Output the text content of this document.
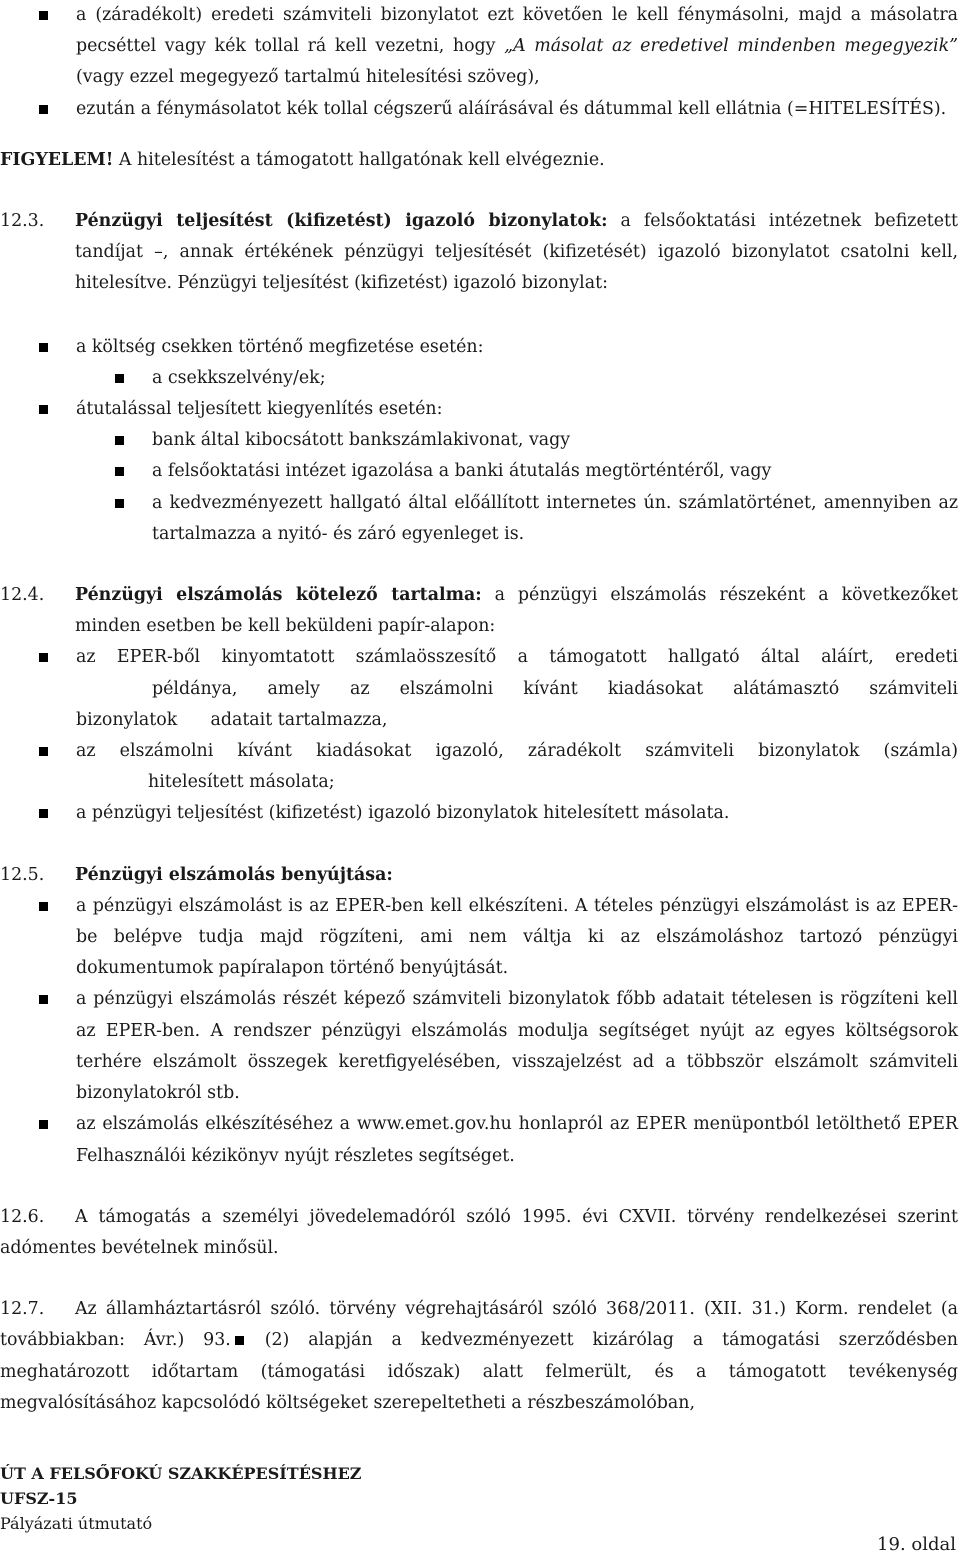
a (záradékolt) eredeti számviteli bizonylatot ezt követően le kell fénymásolni, majd a másolatra pecséttel vagy kék tollal rá kell vezetni, hogy „A másolat az eredetivel mindenben megegyezik” (vagy ezzel megegyező tartalmú hitelesítési szöveg),
ezután a fénymásolatot kék tollal cégszerű aláírásával és dátummal kell ellátnia (=HITELESÍTÉS).

FIGYELEM! A hitelesítést a támogatott hallgatónak kell elvégeznie.

12.3. Pénzügyi teljesítést (kifizetést) igazoló bizonylatok: a felsőoktatási intézetnek befizetett tandíjat –, annak értékének pénzügyi teljesítését (kifizetését) igazoló bizonylatot csatolni kell, hitelesítve. Pénzügyi teljesítést (kifizetést) igazoló bizonylat:

a költség csekken történő megfizetése esetén:
a csekkszelvény/ek;
átutalással teljesített kiegyenlítés esetén:
bank által kibocsátott bankszámlakivonat, vagy
a felsőoktatási intézet igazolása a banki átutalás megtörténtéről, vagy
a kedvezményezett hallgató által előállított internetes ún. számlatörténet, amennyiben az tartalmazza a nyitó- és záró egyenleget is.

12.4. Pénzügyi elszámolás kötelező tartalma: a pénzügyi elszámolás részeként a következőket minden esetben be kell beküldeni papír-alapon:

az EPER-ből kinyomtatott számlaösszesítő a támogatott hallgató által aláírt, eredeti
példánya, amely az elszámolni kívánt kiadásokat alátámasztó számviteli
bizonylatok      adatait tartalmazza,
az elszámolni kívánt kiadásokat igazoló, záradékolt számviteli bizonylatok (számla)
hitelesített másolata;
a pénzügyi teljesítést (kifizetést) igazoló bizonylatok hitelesített másolata.

12.5. Pénzügyi elszámolás benyújtása:

a pénzügyi elszámolást is az EPER-ben kell elkészíteni. A tételes pénzügyi elszámolást is az EPER-be belépve tudja majd rögzíteni, ami nem váltja ki az elszámoláshoz tartozó pénzügyi dokumentumok papíralapon történő benyújtását.
a pénzügyi elszámolás részét képező számviteli bizonylatok főbb adatait tételesen is rögzíteni kell az EPER-ben. A rendszer pénzügyi elszámolás modulja segítséget nyújt az egyes költségsorok terhére elszámolt összegek keretfigyelésében, visszajelzést ad a többször elszámolt számviteli bizonylatokról stb.
az elszámolás elkészítéséhez a www.emet.gov.hu honlapról az EPER menüpontból letölthető EPER Felhasználói kézikönyv nyújt részletes segítséget.

12.6. A támogatás a személyi jövedelemadóról szóló 1995. évi CXVII. törvény rendelkezései szerint adómentes bevételnek minősül.

12.7. Az államháztartásról szóló. törvény végrehajtásáról szóló 368/2011. (XII. 31.) Korm. rendelet (a továbbiakban: Ávr.) 93. (2) alapján a kedvezményezett kizárólag a támogatási szerződésben meghatározott időtartam (támogatási időszak) alatt felmerült, és a támogatott tevékenység megvalósításához kapcsolódó költségeket szerepeltetheti a részbeszámolóban,

ÚT A FELSŐFOKÚ SZAKKÉPESÍTÉSHEZ
UFSZ-15
Pályázati útmutató
19. oldal
